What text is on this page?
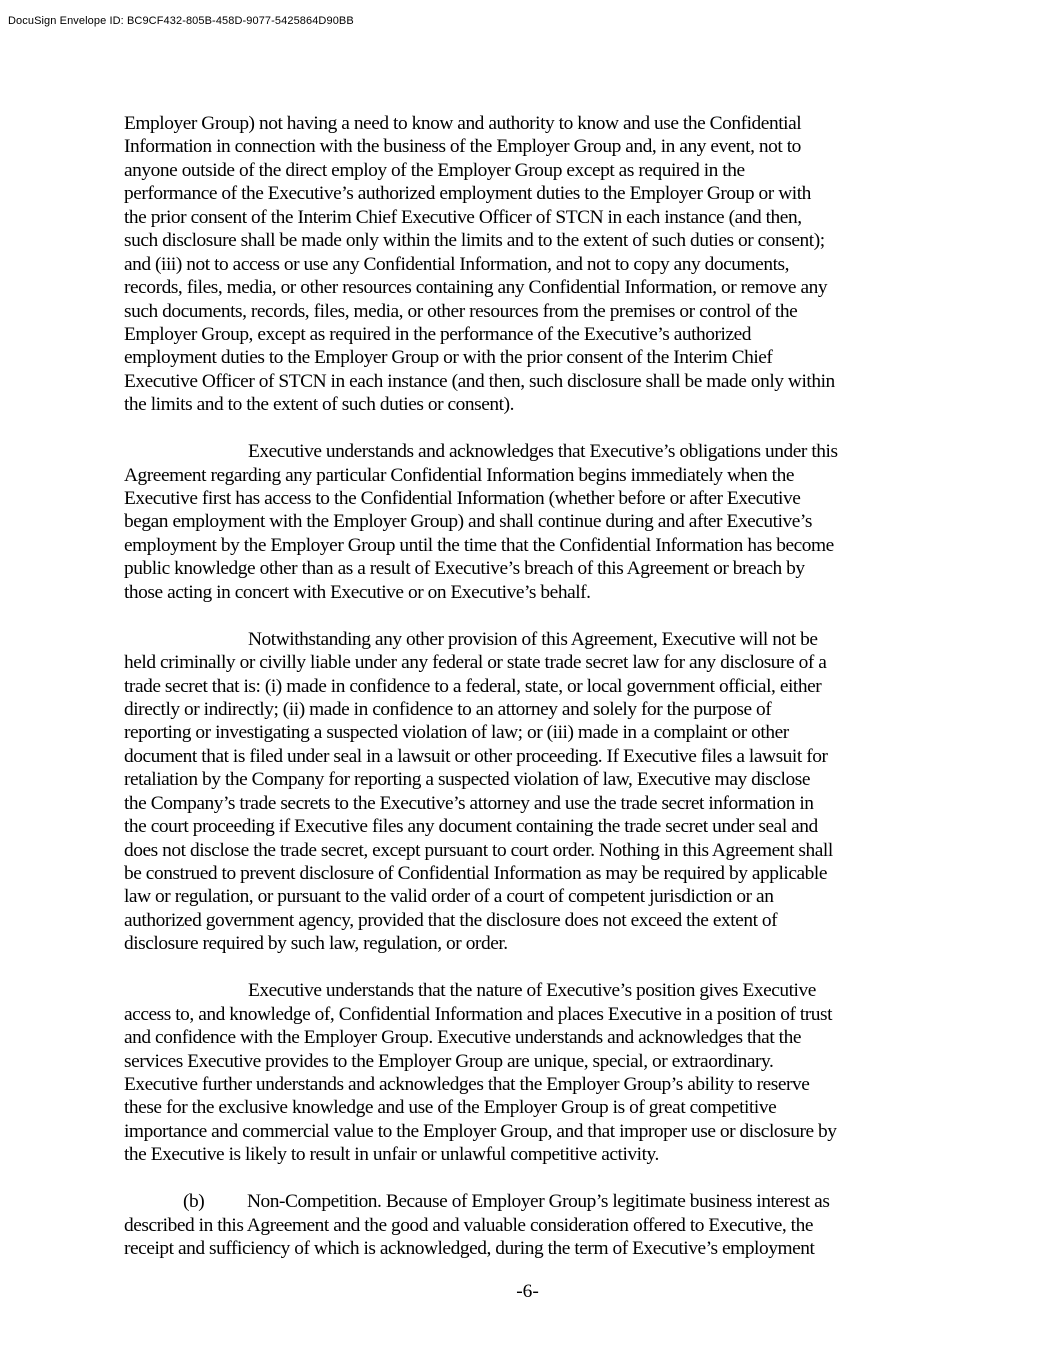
DocuSign Envelope ID: BC9CF432-805B-458D-9077-5425864D90BB
Employer Group) not having a need to know and authority to know and use the Confidential
Information in connection with the business of the Employer Group and, in any event, not to
anyone outside of the direct employ of the Employer Group except as required in the
performance of the Executive’s authorized employment duties to the Employer Group or with
the prior consent of the Interim Chief Executive Officer of STCN in each instance (and then,
such disclosure shall be made only within the limits and to the extent of such duties or consent);
and (iii) not to access or use any Confidential Information, and not to copy any documents,
records, files, media, or other resources containing any Confidential Information, or remove any
such documents, records, files, media, or other resources from the premises or control of the
Employer Group, except as required in the performance of the Executive’s authorized
employment duties to the Employer Group or with the prior consent of the Interim Chief
Executive Officer of STCN in each instance (and then, such disclosure shall be made only within
the limits and to the extent of such duties or consent).
Executive understands and acknowledges that Executive’s obligations under this
Agreement regarding any particular Confidential Information begins immediately when the
Executive first has access to the Confidential Information (whether before or after Executive
began employment with the Employer Group) and shall continue during and after Executive’s
employment by the Employer Group until the time that the Confidential Information has become
public knowledge other than as a result of Executive’s breach of this Agreement or breach by
those acting in concert with Executive or on Executive’s behalf.
Notwithstanding any other provision of this Agreement, Executive will not be
held criminally or civilly liable under any federal or state trade secret law for any disclosure of a
trade secret that is: (i) made in confidence to a federal, state, or local government official, either
directly or indirectly; (ii) made in confidence to an attorney and solely for the purpose of
reporting or investigating a suspected violation of law; or (iii) made in a complaint or other
document that is filed under seal in a lawsuit or other proceeding. If Executive files a lawsuit for
retaliation by the Company for reporting a suspected violation of law, Executive may disclose
the Company’s trade secrets to the Executive’s attorney and use the trade secret information in
the court proceeding if Executive files any document containing the trade secret under seal and
does not disclose the trade secret, except pursuant to court order. Nothing in this Agreement shall
be construed to prevent disclosure of Confidential Information as may be required by applicable
law or regulation, or pursuant to the valid order of a court of competent jurisdiction or an
authorized government agency, provided that the disclosure does not exceed the extent of
disclosure required by such law, regulation, or order.
Executive understands that the nature of Executive’s position gives Executive
access to, and knowledge of, Confidential Information and places Executive in a position of trust
and confidence with the Employer Group. Executive understands and acknowledges that the
services Executive provides to the Employer Group are unique, special, or extraordinary.
Executive further understands and acknowledges that the Employer Group’s ability to reserve
these for the exclusive knowledge and use of the Employer Group is of great competitive
importance and commercial value to the Employer Group, and that improper use or disclosure by
the Executive is likely to result in unfair or unlawful competitive activity.
(b) Non-Competition. Because of Employer Group’s legitimate business interest as
described in this Agreement and the good and valuable consideration offered to Executive, the
receipt and sufficiency of which is acknowledged, during the term of Executive’s employment
-6-
